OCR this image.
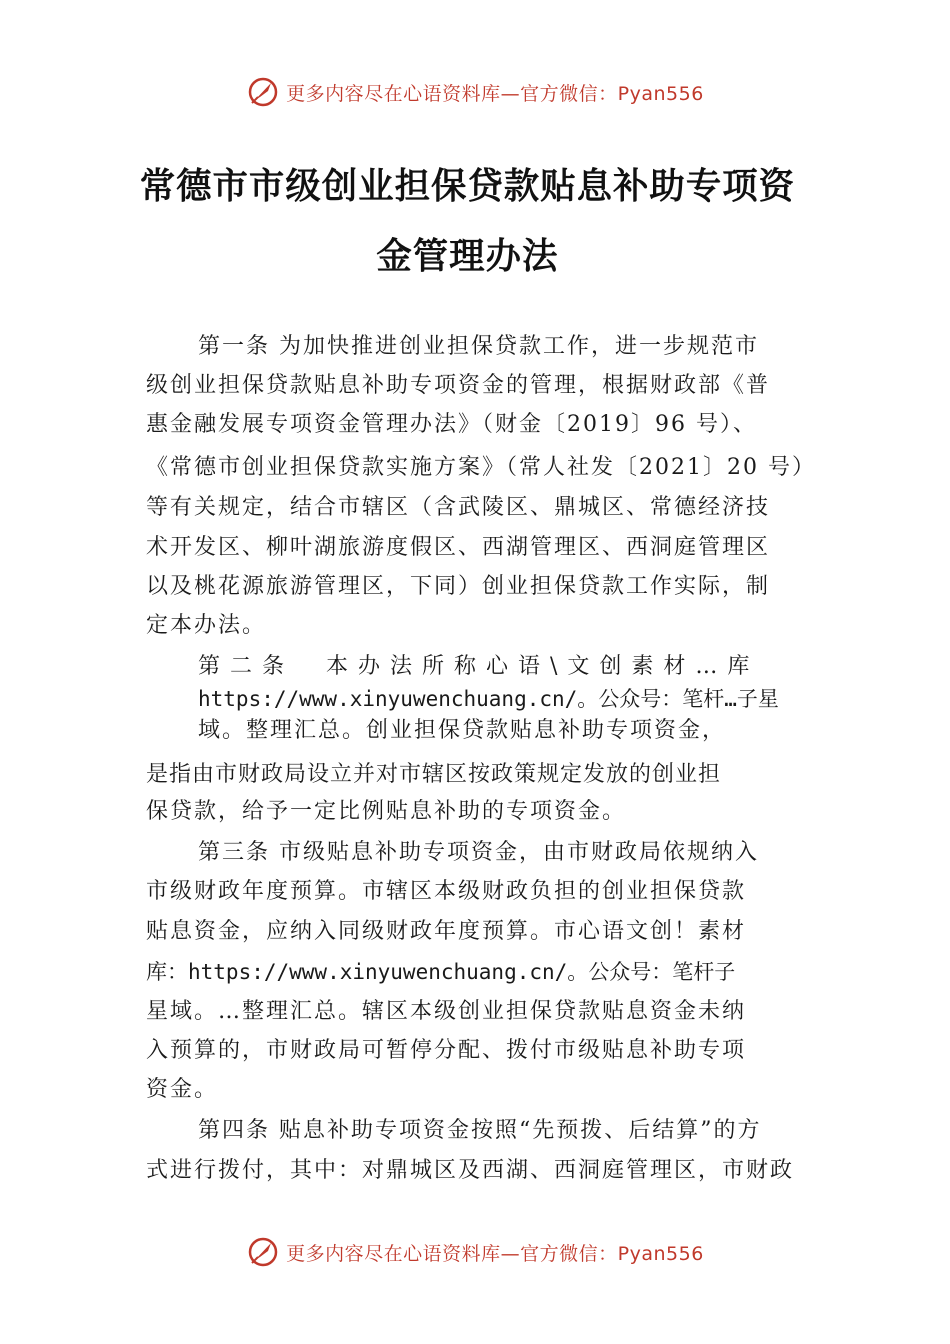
更多内容尽在心语资料库—官方微信：Pyan556
常德市市级创业担保贷款贴息补助专项资
金管理办法
第一条 为加快推进创业担保贷款工作，进一步规范市
级创业担保贷款贴息补助专项资金的管理，根据财政部《普
惠金融发展专项资金管理办法》（财金〔2019〕96 号）、
《常德市创业担保贷款实施方案》（常人社发〔2021〕20 号）
等有关规定，结合市辖区（含武陵区、鼎城区、常德经济技
术开发区、柳叶湖旅游度假区、西湖管理区、西洞庭管理区
以及桃花源旅游管理区，下同）创业担保贷款工作实际，制
定本办法。
第二条　本办法所称心语\文创素材…库
https://www.xinyuwenchuang.cn/。公众号：笔杆…子星
域。整理汇总。创业担保贷款贴息补助专项资金，
是指由市财政局设立并对市辖区按政策规定发放的创业担
保贷款，给予一定比例贴息补助的专项资金。
第三条 市级贴息补助专项资金，由市财政局依规纳入
市级财政年度预算。市辖区本级财政负担的创业担保贷款
贴息资金，应纳入同级财政年度预算。市心语文创！素材
库：https://www.xinyuwenchuang.cn/。公众号：笔杆子
星域。…整理汇总。辖区本级创业担保贷款贴息资金未纳
入预算的，市财政局可暂停分配、拨付市级贴息补助专项
资金。
第四条 贴息补助专项资金按照“先预拨、后结算”的方
式进行拨付，其中：对鼎城区及西湖、西洞庭管理区，市财政
更多内容尽在心语资料库—官方微信：Pyan556
